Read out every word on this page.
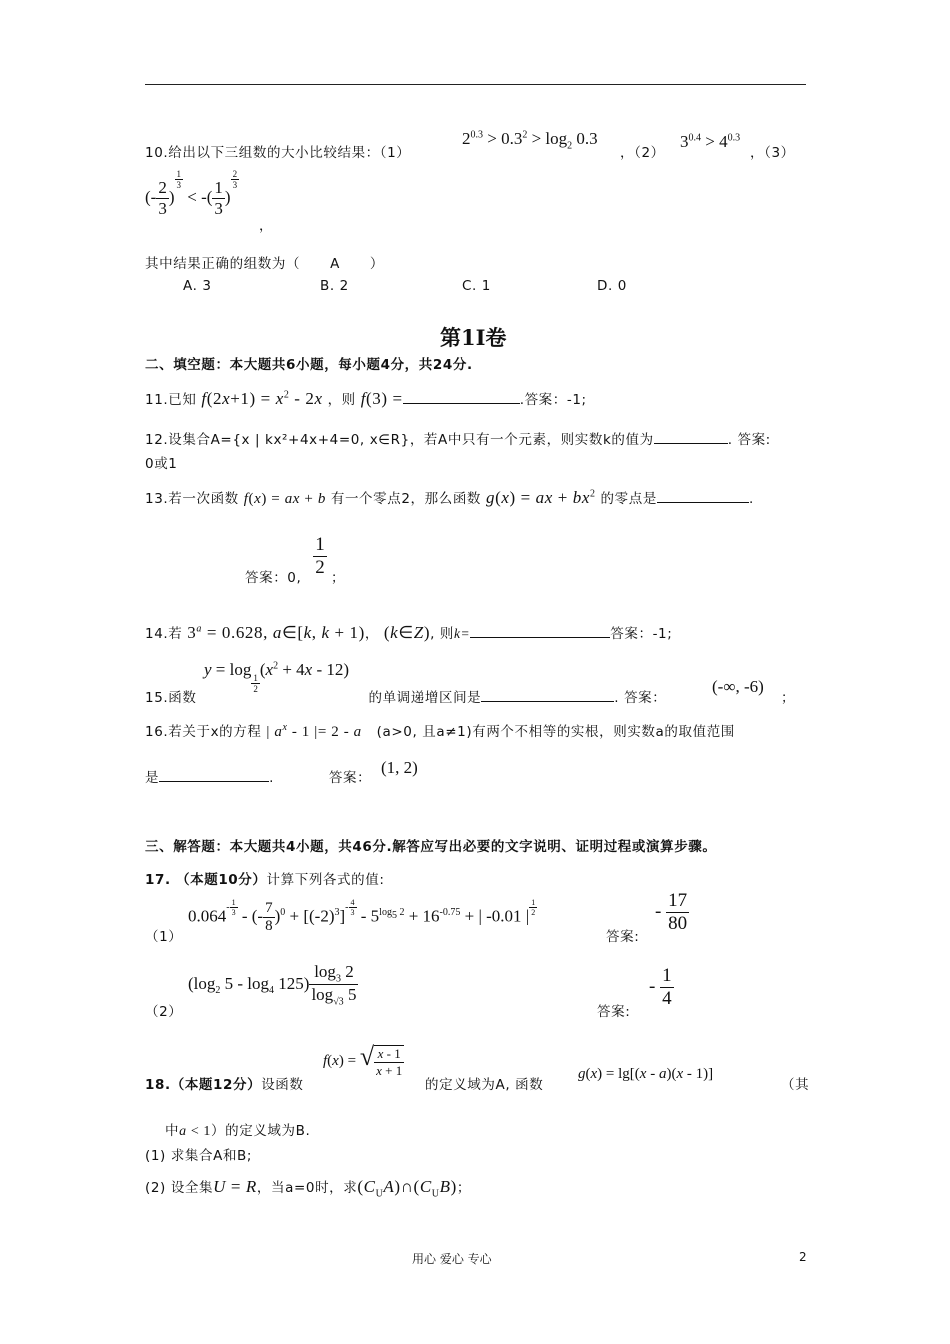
10.给出以下三组数的大小比较结果：（1）
$2^{0.3} > 0.3^2 > \log_2 0.3$
，（2）
$3^{0.4} > 4^{0.3}$
，（3）
(- $\frac{2}{3}$ )
$^{\frac{1}{3}}$
< -( $\frac{1}{3}$ )
$^{\frac{2}{3}}$
，
其中结果正确的组数为（ A ）
A. 3	B. 2	C. 1	D. 0
第1I卷
二、填空题：本大题共6小题，每小题4分，共24分.
11.已知 $f(2x+1) = x^2 - 2x$ ，则 f(3) =	.答案：-1;
12.设集合A={x | kx²+4x+4=0, x∈R}，若A中只有一个元素，则实数k的值为	. 答案:
0或1
13.若一次函数 f(x) = ax + b 有一个零点2，那么函数 g(x) = ax + $bx^2$ 的零点是	.
答案：0, $\frac{1}{2}$ ；
14.若 $3^a = 0.628$, a∈[k, k + 1)， (k∈Z), 则k=	答案：-1;
y = log
$_{\frac{1}{2}}$
$(x^2 + 4x - 12)$
15.函数	的单调递增区间是	. 答案：
(-∞, -6)
；
16.若关于x的方程 | $a^x - 1$ |= 2 - a (a>0, 且a≠1)有两个不相等的实根，则实数a的取值范围
是	.	答案：
(1, 2)
三、解答题：本大题共4小题，共46分.解答应写出必要的文字说明、证明过程或演算步骤。
17. （本题10分）计算下列各式的值:
（1）
$0.064^{- \frac{1}{3}}$ - (- $\frac{7}{8} )^0 + [(-2)^3]^{- \frac{4}{3}} - 5^{log_5 2} + 16^{-0.75}$ + | -0.01 | $^{\frac{1}{2}}$
答案:
- $\frac{17}{80}$
($\log_2$ $5 - \log_4 125) \frac{\log_3 2}{\log_{√3} 5}$
（2）	答案:
- $\frac{1}{4}$
18.（本题12分）设函数
f(x) = √ $\frac{x - 1}{x + 1}$
的定义域为A, 函数
g(x) = lg[(x - a)(x - 1)]
（其
中a < 1）的定义域为B.
(1) 求集合A和B;
(2) 设全集U = R，当a=0时，求$(C_UA)\cap(C_UB)$；
用心 爱心 专心	2
